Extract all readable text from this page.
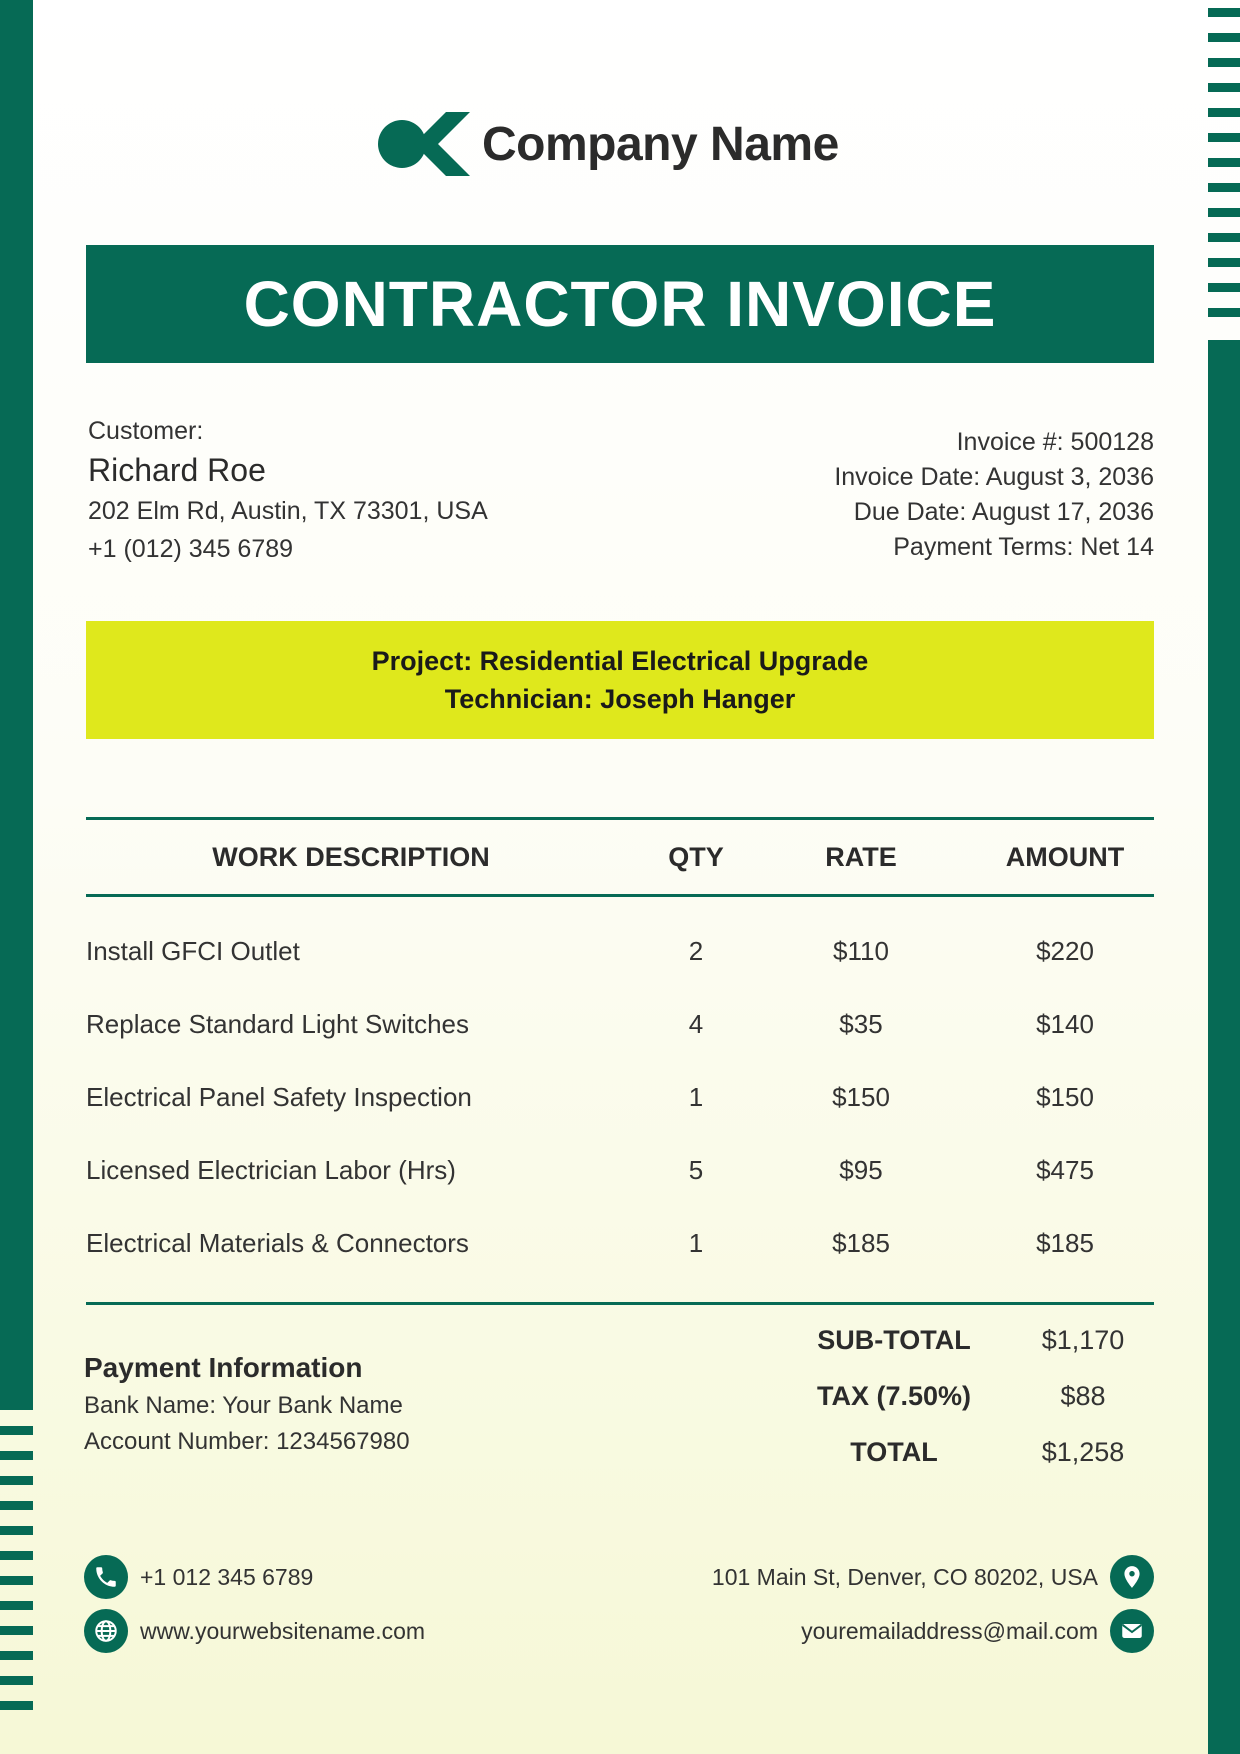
Company Name
CONTRACTOR INVOICE
Customer:
Richard Roe
202 Elm Rd, Austin, TX 73301, USA
+1 (012) 345 6789
Invoice #: 500128
Invoice Date: August 3, 2036
Due Date: August 17, 2036
Payment Terms: Net 14
Project: Residential Electrical Upgrade
Technician: Joseph Hanger
WORK DESCRIPTION	QTY	RATE	AMOUNT
Install GFCI Outlet	2	$110	$220
Replace Standard Light Switches	4	$35	$140
Electrical Panel Safety Inspection	1	$150	$150
Licensed Electrician Labor (Hrs)	5	$95	$475
Electrical Materials & Connectors	1	$185	$185
Payment Information
Bank Name: Your Bank Name
Account Number: 1234567980
SUB-TOTAL	$1,170
TAX (7.50%)	$88
TOTAL	$1,258
+1 012 345 6789
www.yourwebsitename.com
101 Main St, Denver, CO 80202, USA
youremailaddress@mail.com
